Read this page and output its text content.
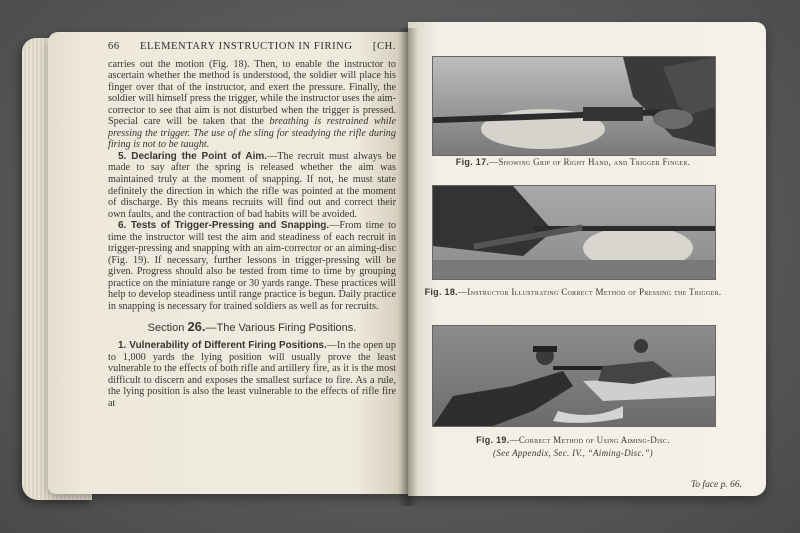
66 ELEMENTARY INSTRUCTION IN FIRING [CH.

carries out the motion (Fig. 18). Then, to enable the instructor to ascertain whether the method is understood, the soldier will place his finger over that of the instructor, and exert the pressure. Finally, the soldier will himself press the trigger, while the instructor uses the aim-corrector to see that aim is not disturbed when the trigger is pressed. Special care will be taken that the breathing is restrained while pressing the trigger. The use of the sling for steadying the rifle during firing is not to be taught.

5. Declaring the Point of Aim.—The recruit must always be made to say after the spring is released whether the aim was maintained truly at the moment of snapping. If not, he must state definitely the direction in which the rifle was pointed at the moment of discharge. By this means recruits will find out and correct their own faults, and the contraction of bad habits will be avoided.

6. Tests of Trigger-Pressing and Snapping.—From time to time the instructor will test the aim and steadiness of each recruit in trigger-pressing and snapping with an aim-corrector or an aiming-disc (Fig. 19). If necessary, further lessons in trigger-pressing will be given. Progress should also be tested from time to time by grouping practice on the miniature range or 30 yards range. These practices will help to develop steadiness until range practice is begun. Daily practice in snapping is necessary for trained soldiers as well as for recruits.

Section 26.—The Various Firing Positions.

1. Vulnerability of Different Firing Positions.—In the open up to 1,000 yards the lying position will usually prove the least vulnerable to the effects of both rifle and artillery fire, as it is the most difficult to discern and exposes the smallest surface to fire. As a rule, the lying position is also the least vulnerable to the effects of rifle fire at

Fig. 17.—Showing Grip of Right Hand, and Trigger Finger.
Fig. 18.—Instructor Illustrating Correct Method of Pressing the Trigger.
Fig. 19.—Correct Method of Using Aiming-Disc.
(See Appendix, Sec. IV., “Aiming-Disc.”)
To face p. 66.
